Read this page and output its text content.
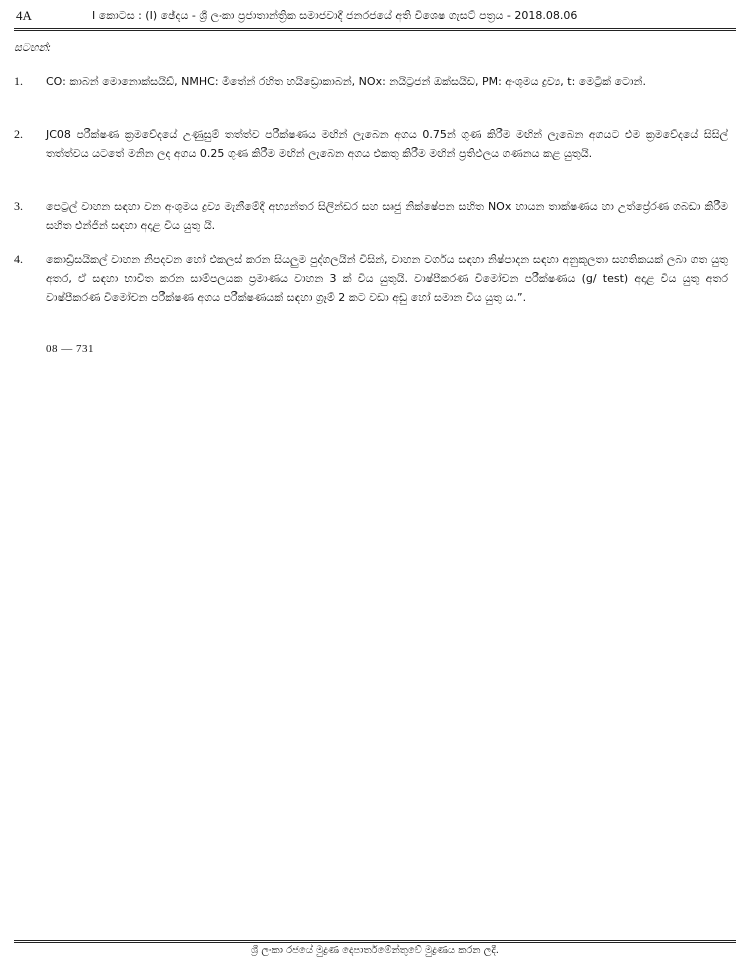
4A	I කොටස : (I) ඡේදය - ශ්‍රී ලංකා ප්‍රජාතාන්ත්‍රික සමාජවාදී ජනරජයේ අති විශෙෂ ගැසට් පත්‍රය - 2018.08.06
සටහන්:
1.	CO: කාබන් මොනොක්සයිඩ්, NMHC: මීතේන් රහිත හයිඩ්‍රොකාබන්, NOx: නයිට්‍රජන් ඔක්සයිඩ, PM: අංශුමය ද්‍රව්‍ය, t: මෙට්‍රික් ටොන්.
2.	JC08 පරීක්ෂණ ක්‍රමවේදයේ උණුසුම් තත්ත්ව පරීක්ෂණය මඟින් ලැබෙන අගය 0.75න් ගුණ කිරීම මඟින් ලැබෙන අගයට එම ක්‍රමවේදයේ සිසිල් තත්ත්වය යටතේ මනින ලද අගය 0.25 ගුණ කිරීම මඟින් ලැබෙන අගය එකතු කිරීම මඟින් ප්‍රතිඵලය ගණනය කළ යුතුයි.
3.	පෙට්‍රල් වාහන සඳහා වන අංශුමය ද්‍රව්‍ය මැනීමේදී අභ්‍යන්තර සිලින්ඩර සහ සෘජු නික්ෂේපන සහිත NOx හායන තාක්ෂණය හා උත්ප්‍රේරණ ගබඩා කිරීම සහිත එන්ජින් සඳහා අදාළ විය යුතු යි.
4.	කොඩ්‍රිසයිකල් වාහන නිපදවන හෝ එකලස් කරන සියලුම පුද්ගලයින් විසින්, වාහන වර්ගය සඳහා නිෂ්පාදන සඳහා අනුකූලතා සහතිකයක් ලබා ගත යුතු අතර, ඒ සඳහා භාවිත කරන සාම්පලයක ප්‍රමාණය වාහන 3 ක් විය යුතුයි. වාෂ්පීකරණ විමෝචන පරීක්ෂණය (g/ test) අදාළ විය යුතු අතර වාෂ්පීකරණ විමෝචන පරීක්ෂණ අගය පරීක්ෂණයක් සඳහා ග්‍රෑම් 2 කට වඩා අඩු හෝ සමාන විය යුතු ය.”.
08 — 731
ශ්‍රී ලංකා රජයේ මුද්‍රණ දෙපාර්තමේන්තුවේ මුද්‍රණය කරන ලදී.
